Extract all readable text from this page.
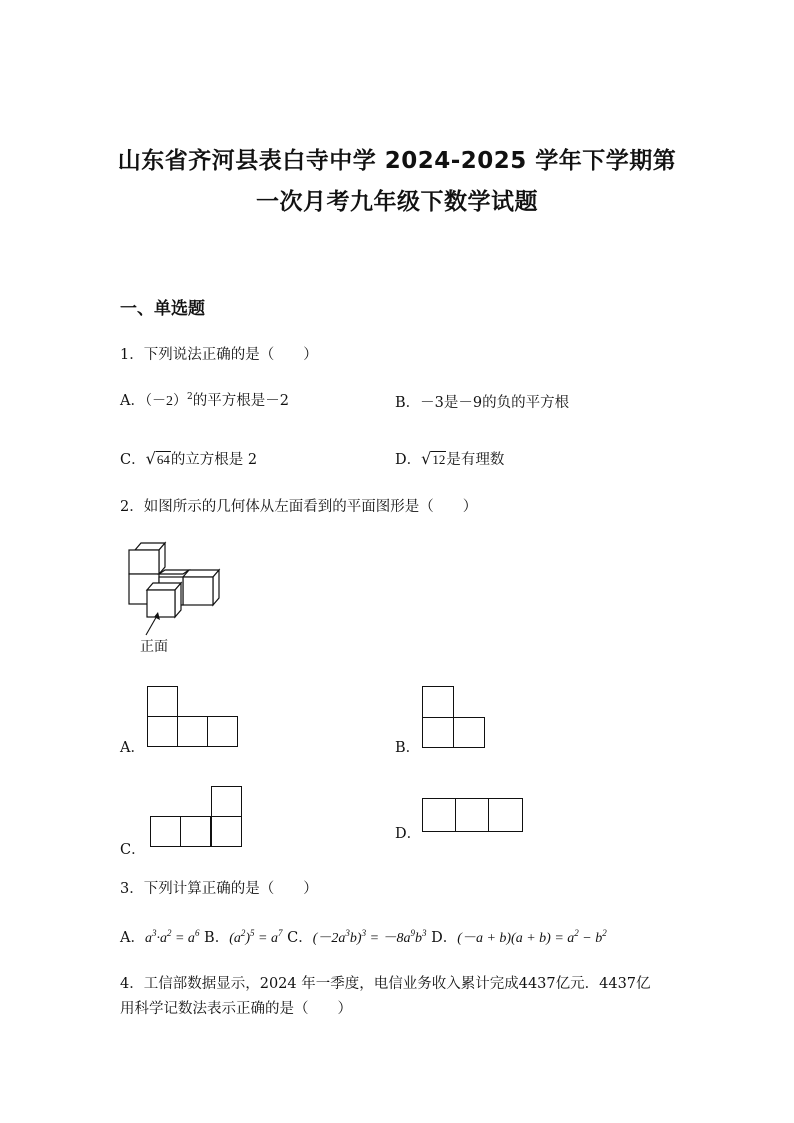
山东省齐河县表白寺中学 2024-2025 学年下学期第
一次月考九年级下数学试题
一、单选题
1．下列说法正确的是（　　）
A．$(-2)^2$的平方根是－2	B．－3是－9的负的平方根
C．√64的立方根是 2	D．√12是有理数
2．如图所示的几何体从左面看到的平面图形是（　　）
正面
A．	B．
C．
D．
3．下列计算正确的是（　　）
A．$a^3\cdot a^2 = a^6$ B．$(a^2)^5 = a^7$ C．$(-2a^3b)^3 = -8a^9b^3$ D．$(-a + b)(a + b) = a^2 - b^2$
4．工信部数据显示，2024 年一季度，电信业务收入累计完成4437亿元．4437亿
用科学记数法表示正确的是（　　）
